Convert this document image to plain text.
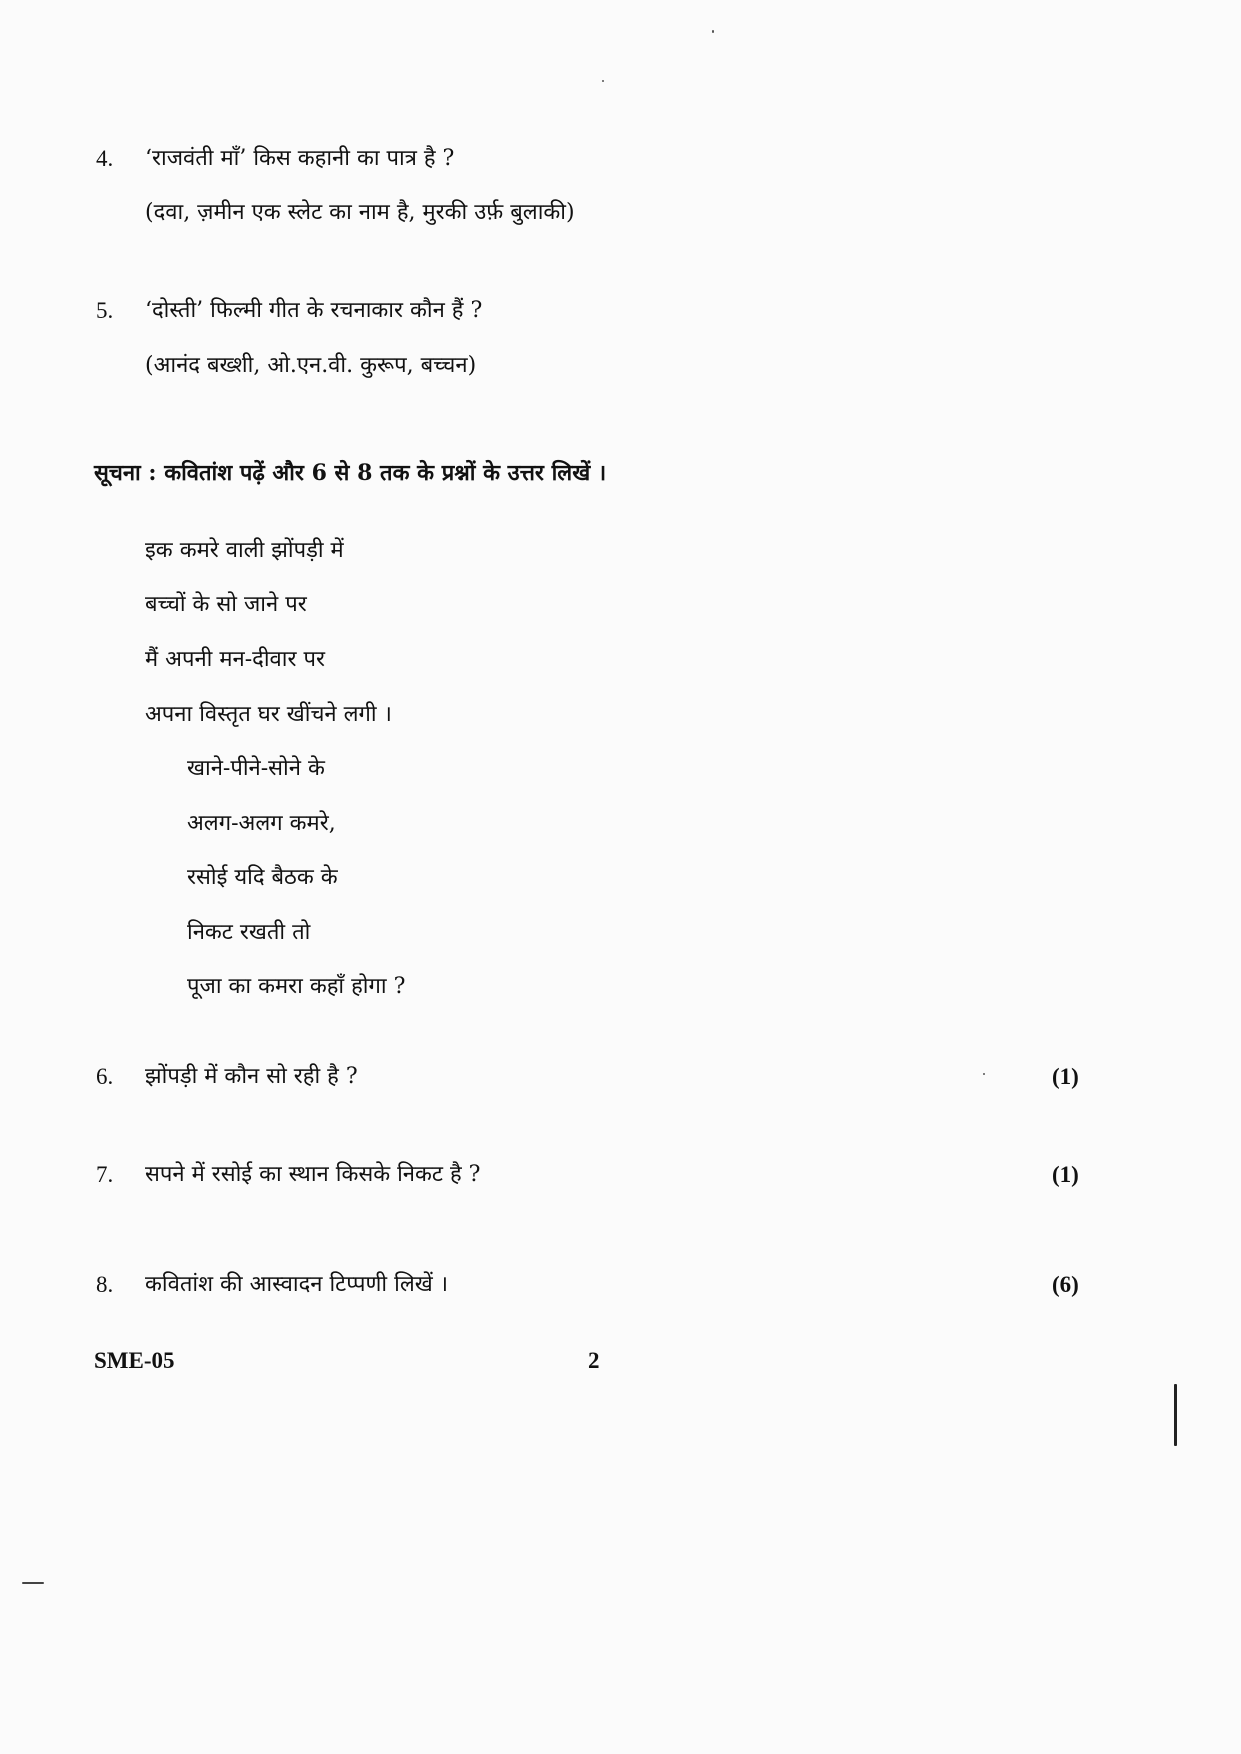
4. ‘राजवंती माँ’ किस कहानी का पात्र है ?
(दवा, ज़मीन एक स्लेट का नाम है, मुरकी उर्फ़ बुलाकी)
5. ‘दोस्ती’ फिल्मी गीत के रचनाकार कौन हैं ?
(आनंद बख्शी, ओ.एन.वी. कुरूप, बच्चन)
सूचना : कवितांश पढ़ें और 6 से 8 तक के प्रश्नों के उत्तर लिखें ।
इक कमरे वाली झोंपड़ी में
बच्चों के सो जाने पर
मैं अपनी मन-दीवार पर
अपना विस्तृत घर खींचने लगी ।
खाने-पीने-सोने के
अलग-अलग कमरे,
रसोई यदि बैठक के
निकट रखती तो
पूजा का कमरा कहाँ होगा ?
6. झोंपड़ी में कौन सो रही है ?	(1)
7. सपने में रसोई का स्थान किसके निकट है ?	(1)
8. कवितांश की आस्वादन टिप्पणी लिखें ।	(6)
SME-05	2
